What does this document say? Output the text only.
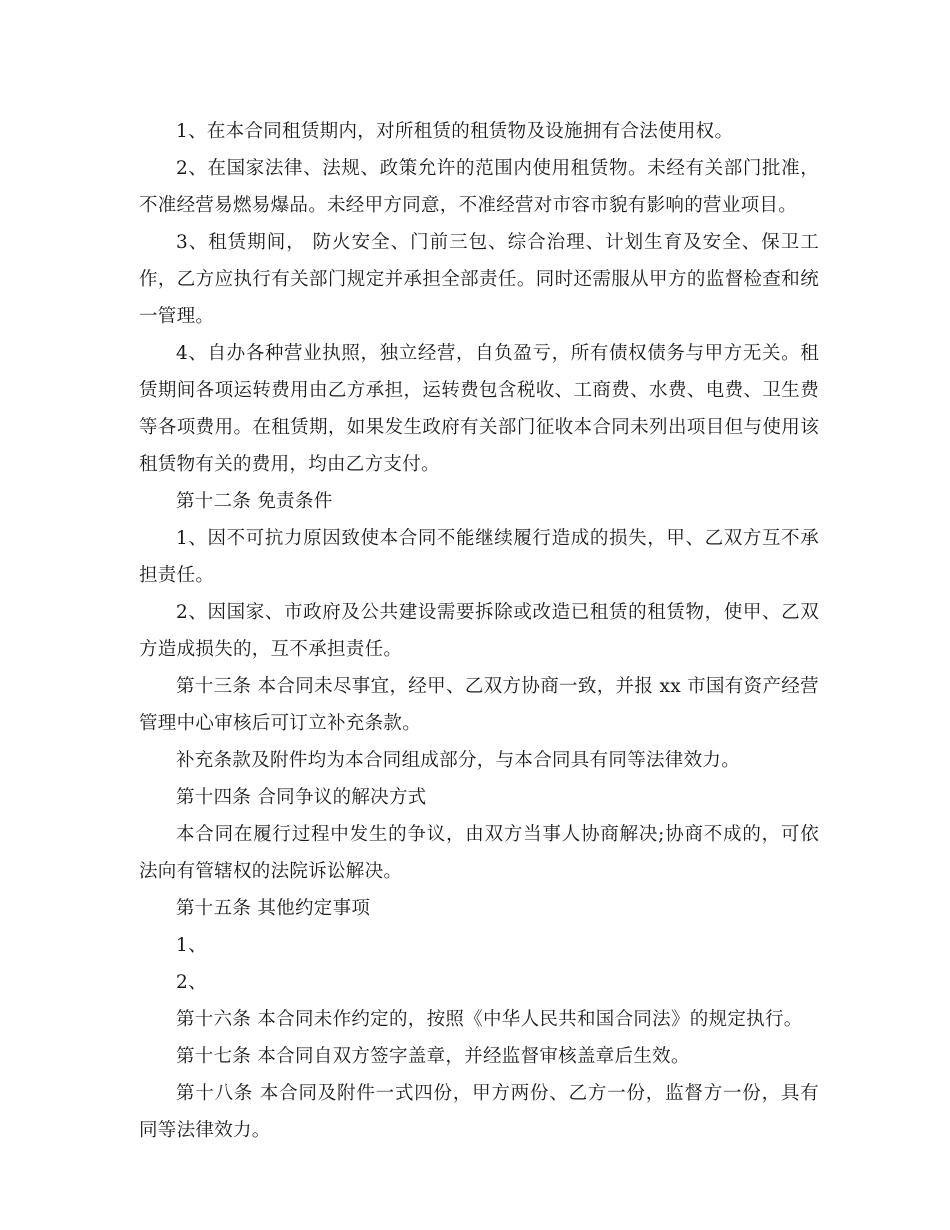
1、在本合同租赁期内，对所租赁的租赁物及设施拥有合法使用权。

2、在国家法律、法规、政策允许的范围内使用租赁物。未经有关部门批准，不准经营易燃易爆品。未经甲方同意，不准经营对市容市貌有影响的营业项目。

3、租赁期间， 防火安全、门前三包、综合治理、计划生育及安全、保卫工作，乙方应执行有关部门规定并承担全部责任。同时还需服从甲方的监督检查和统一管理。

4、自办各种营业执照，独立经营，自负盈亏，所有债权债务与甲方无关。租赁期间各项运转费用由乙方承担，运转费包含税收、工商费、水费、电费、卫生费等各项费用。在租赁期，如果发生政府有关部门征收本合同未列出项目但与使用该租赁物有关的费用，均由乙方支付。

第十二条 免责条件

1、因不可抗力原因致使本合同不能继续履行造成的损失，甲、乙双方互不承担责任。

2、因国家、市政府及公共建设需要拆除或改造已租赁的租赁物，使甲、乙双方造成损失的，互不承担责任。

第十三条 本合同未尽事宜，经甲、乙双方协商一致，并报 xx 市国有资产经营管理中心审核后可订立补充条款。

补充条款及附件均为本合同组成部分，与本合同具有同等法律效力。

第十四条 合同争议的解决方式

本合同在履行过程中发生的争议，由双方当事人协商解决;协商不成的，可依法向有管辖权的法院诉讼解决。

第十五条 其他约定事项

1、

2、

第十六条 本合同未作约定的，按照《中华人民共和国合同法》的规定执行。

第十七条 本合同自双方签字盖章，并经监督审核盖章后生效。

第十八条 本合同及附件一式四份，甲方两份、乙方一份，监督方一份，具有同等法律效力。
